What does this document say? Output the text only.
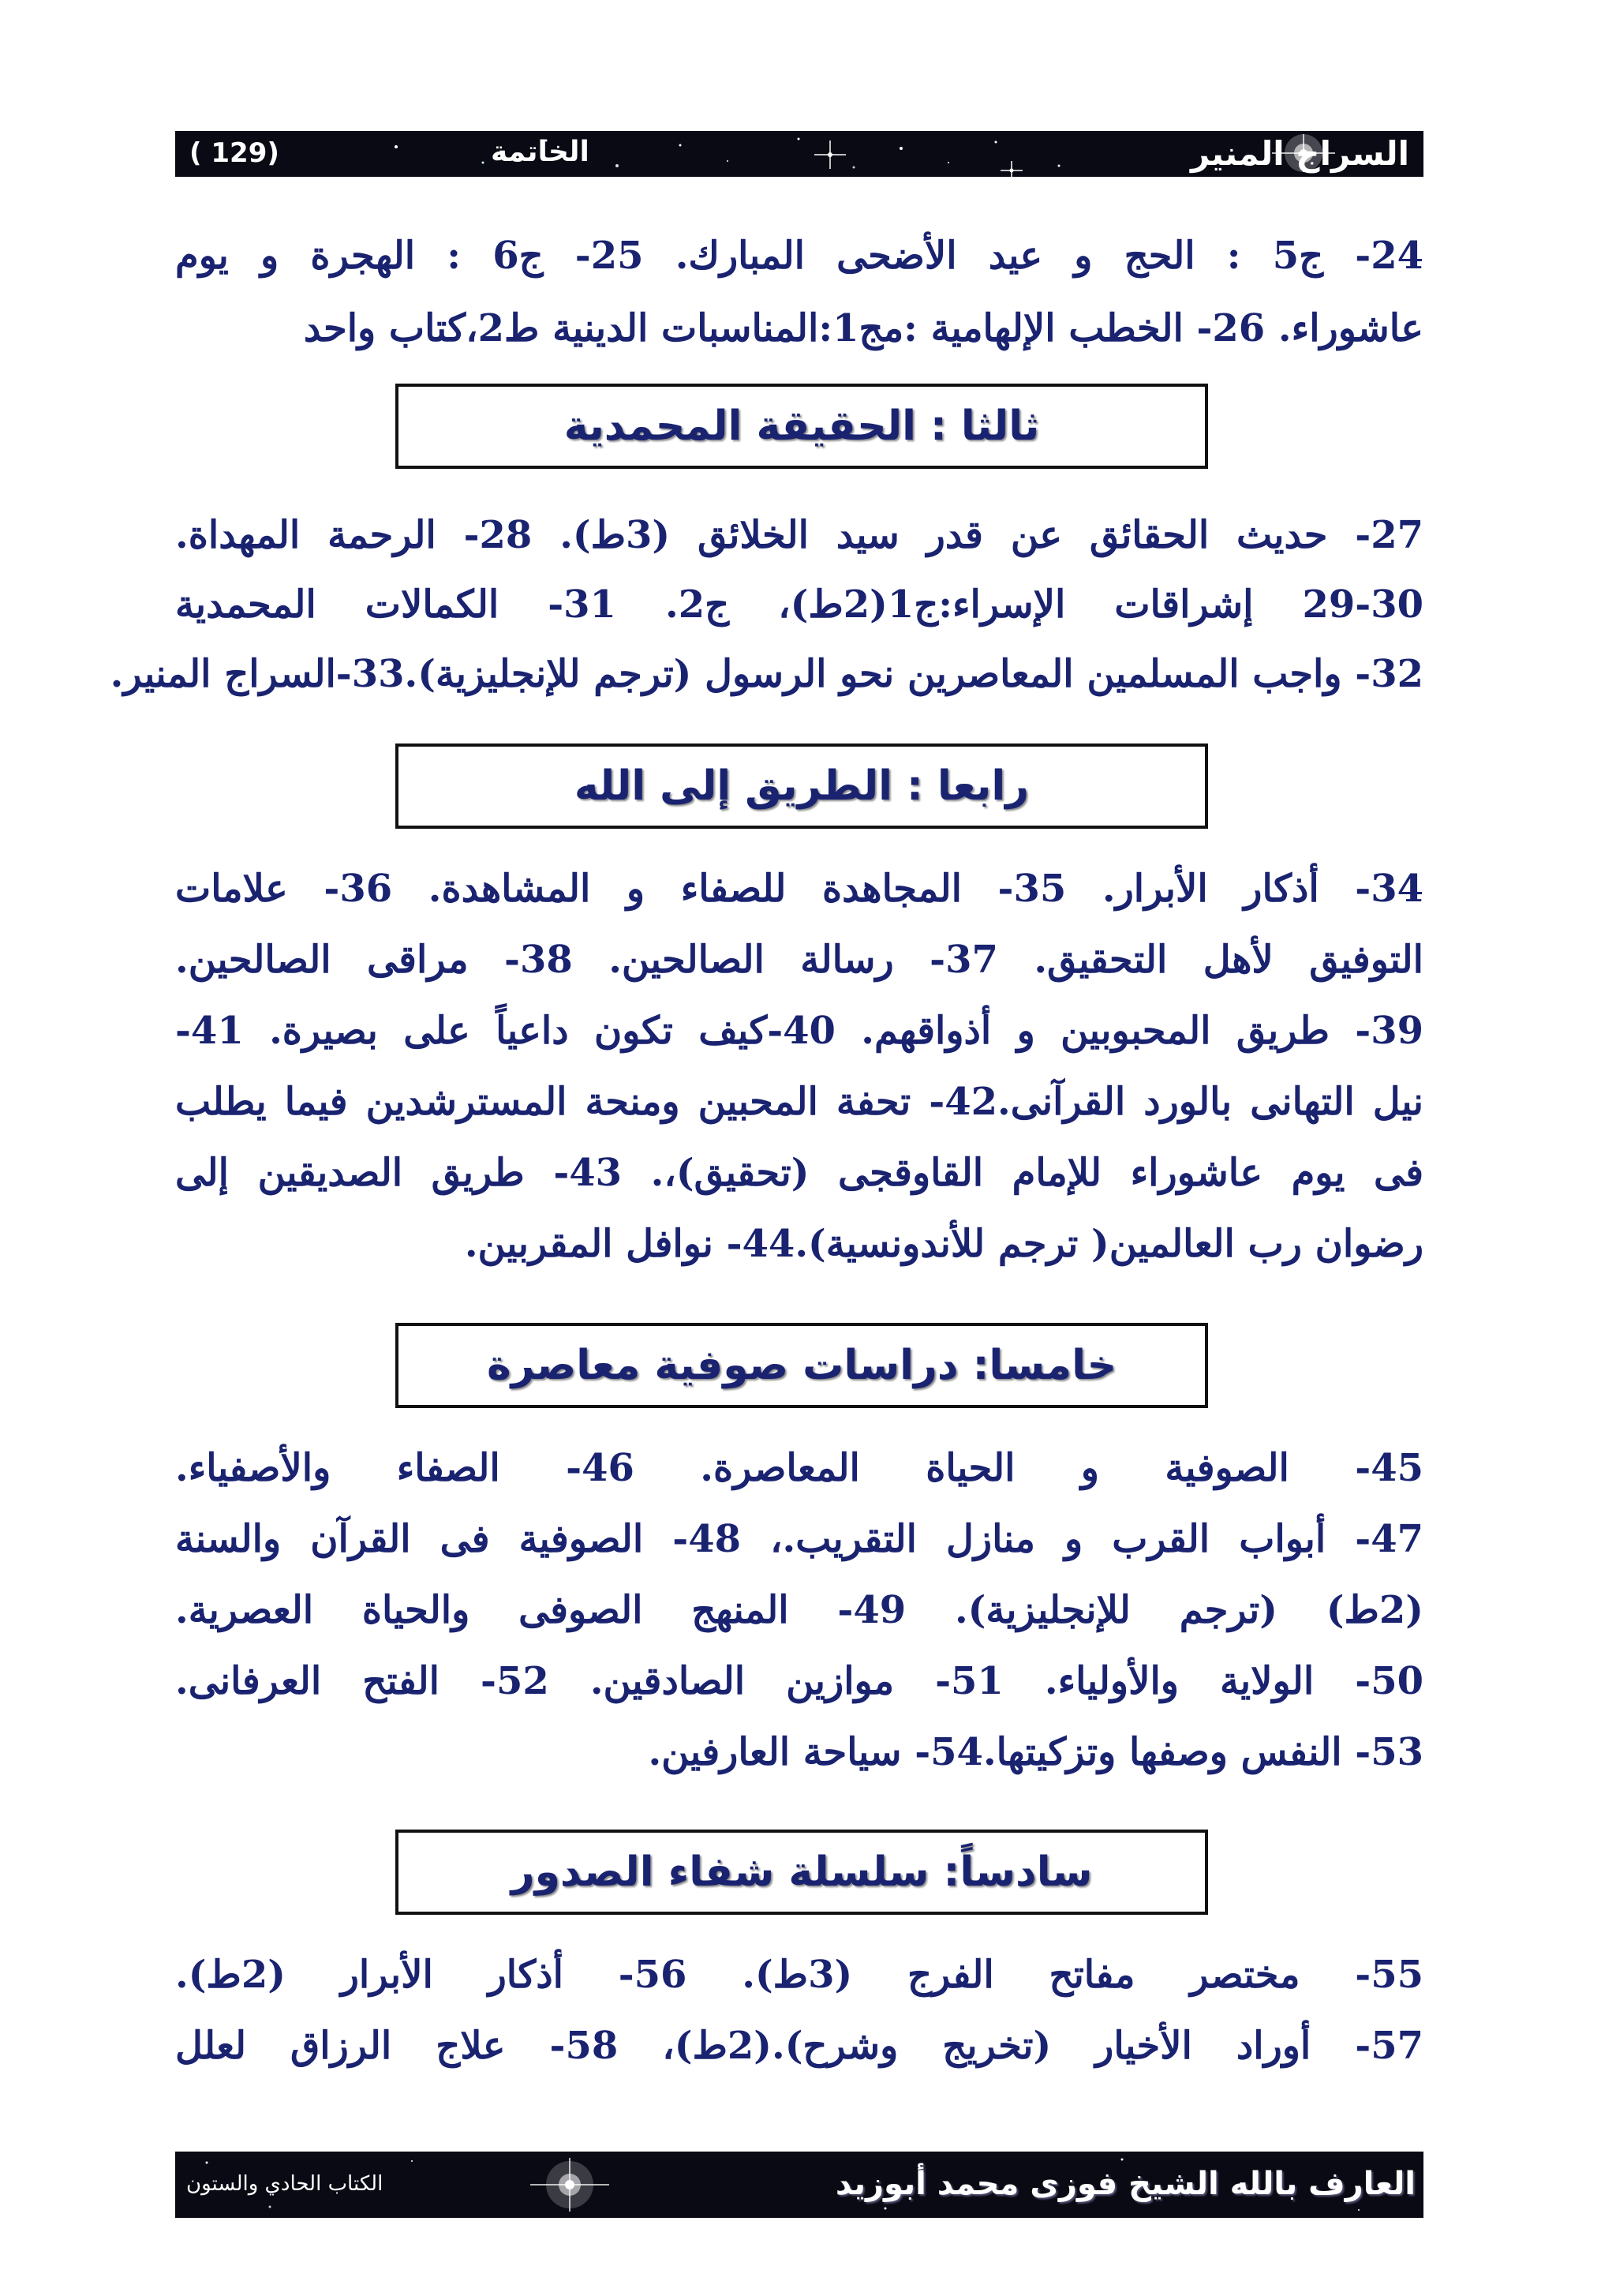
السراج المنير
الخاتمة
( 129)
24- ج5 : الحج و عيد الأضحى المبارك. 25- ج6 : الهجرة و يوم
عاشوراء. 26- الخطب الإلهامية :مج1:المناسبات الدينية ط2،كتاب واحد
ثالثا : الحقيقة المحمدية
27- حديث الحقائق عن قدر سيد الخلائق (3ط). 28- الرحمة المهداة.
29-30 إشراقات الإسراء:ج1(2ط)، ج2. 31- الكمالات المحمدية
32- واجب المسلمين المعاصرين نحو الرسول (ترجم للإنجليزية).33-السراج المنير.
رابعا : الطريق إلى الله
34- أذكار الأبرار. 35- المجاهدة للصفاء و المشاهدة. 36- علامات
التوفيق لأهل التحقيق. 37- رسالة الصالحين. 38- مراقى الصالحين.
39- طريق المحبوبين و أذواقهم. 40-كيف تكون داعياً على بصيرة. 41-
نيل التهانى بالورد القرآنى.42- تحفة المحبين ومنحة المسترشدين فيما يطلب
فى يوم عاشوراء للإمام القاوقجى (تحقيق)،. 43- طريق الصديقين إلى
رضوان رب العالمين( ترجم للأندونسية).44- نوافل المقربين.
خامسا: دراسات صوفية معاصرة
45- الصوفية و الحياة المعاصرة. 46- الصفاء والأصفياء.
47- أبواب القرب و منازل التقريب.، 48- الصوفية فى القرآن والسنة
(2ط) (ترجم للإنجليزية). 49- المنهج الصوفى والحياة العصرية.
50- الولاية والأولياء. 51- موازين الصادقين. 52- الفتح العرفانى.
53- النفس وصفها وتزكيتها.54- سياحة العارفين.
سادساً: سلسلة شفاء الصدور
55- مختصر مفاتح الفرج (3ط). 56- أذكار الأبرار (2ط).
57- أوراد الأخيار (تخريج وشرح).(2ط)، 58- علاج الرزاق لعلل
العارف بالله الشيخ فوزى محمد أبوزيد
الكتاب الحادي والستون
